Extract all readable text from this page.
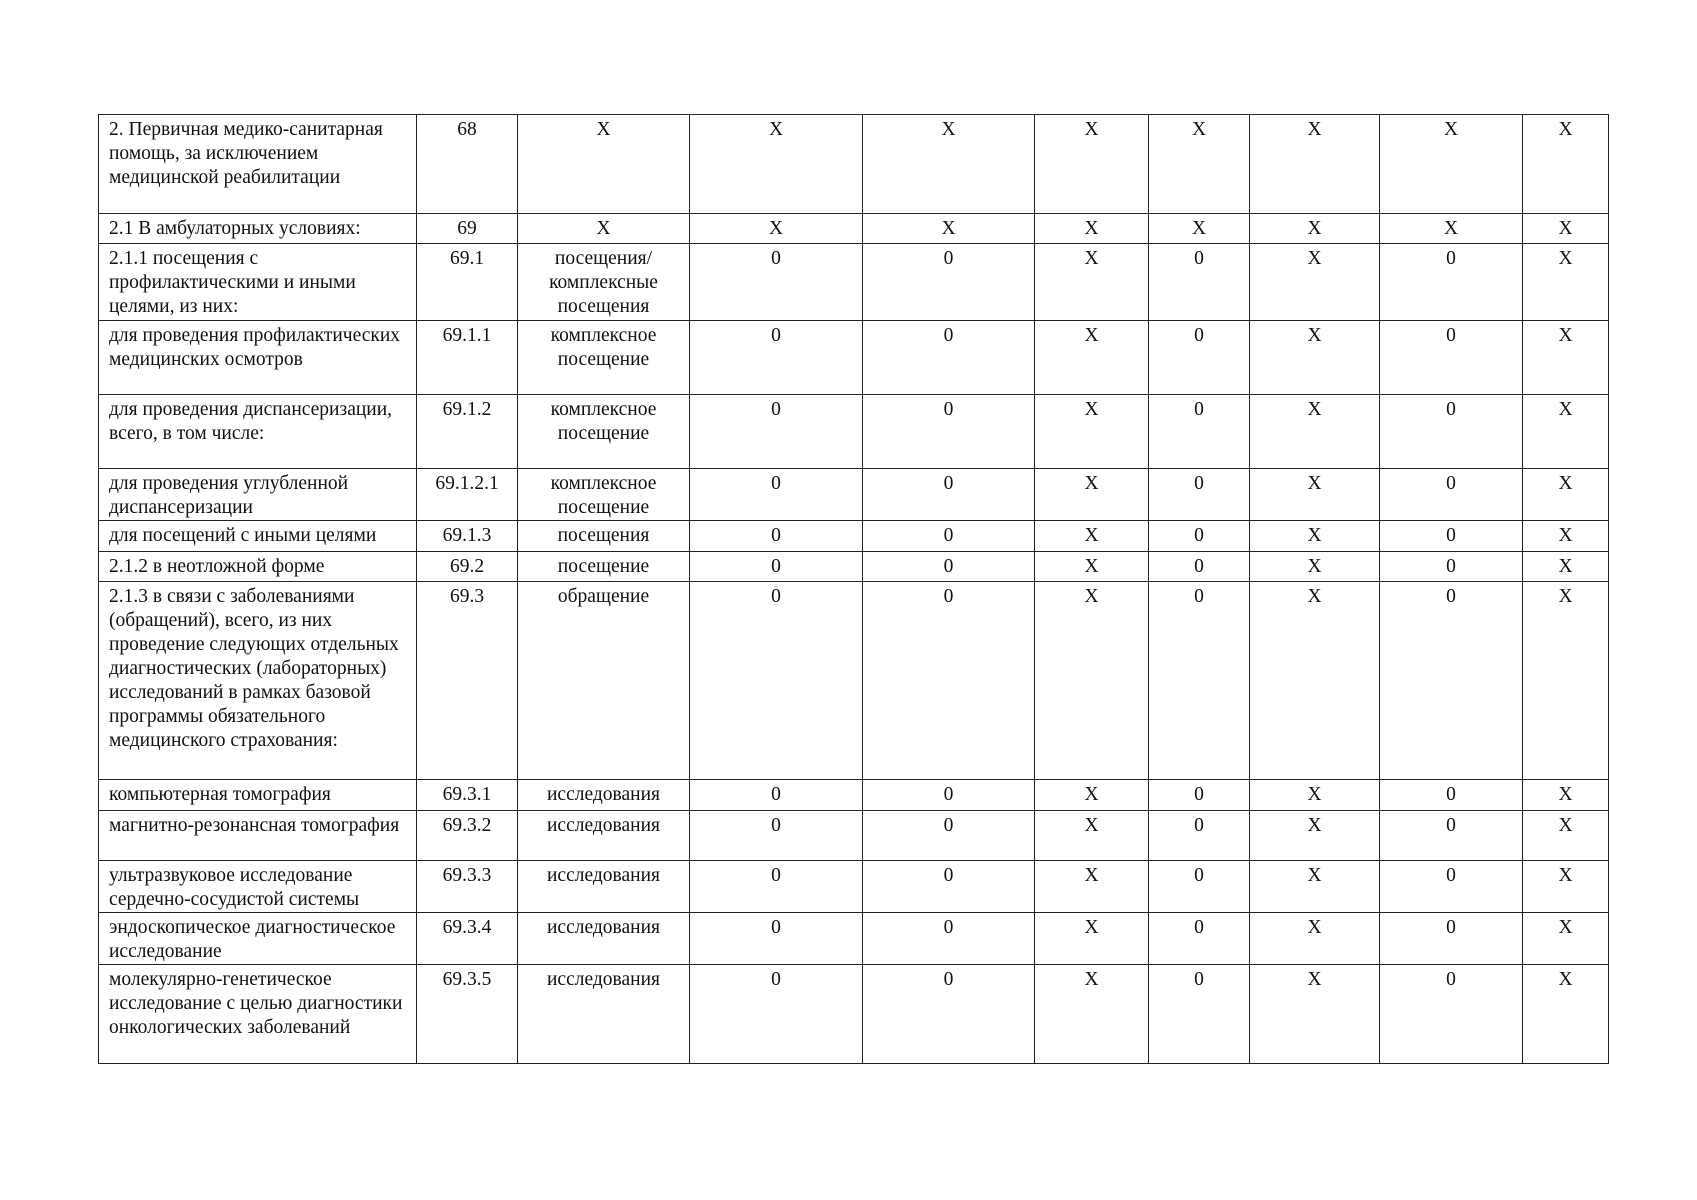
2. Первичная медико-санитарная помощь, за исключением медицинской реабилитации	68	X	X	X	X	X	X	X	X

2.1 В амбулаторных условиях:	69	X	X	X	X	X	X	X	X

2.1.1 посещения с профилактическими и иными целями, из них:	69.1	посещения/ комплексные посещения	0	0	X	0	X	0	X

для проведения профилактических медицинских осмотров	69.1.1	комплексное посещение	0	0	X	0	X	0	X

для проведения диспансеризации, всего, в том числе:	69.1.2	комплексное посещение	0	0	X	0	X	0	X

для проведения углубленной диспансеризации	69.1.2.1	комплексное посещение	0	0	X	0	X	0	X

для посещений с иными целями	69.1.3	посещения	0	0	X	0	X	0	X

2.1.2 в неотложной форме	69.2	посещение	0	0	X	0	X	0	X

2.1.3 в связи с заболеваниями (обращений), всего, из них проведение следующих отдельных диагностических (лабораторных) исследований в рамках базовой программы обязательного медицинского страхования:	69.3	обращение	0	0	X	0	X	0	X

компьютерная томография	69.3.1	исследования	0	0	X	0	X	0	X

магнитно-резонансная томография	69.3.2	исследования	0	0	X	0	X	0	X

ультразвуковое исследование сердечно-сосудистой системы	69.3.3	исследования	0	0	X	0	X	0	X

эндоскопическое диагностическое исследование	69.3.4	исследования	0	0	X	0	X	0	X

молекулярно-генетическое исследование с целью диагностики онкологических заболеваний	69.3.5	исследования	0	0	X	0	X	0	X
